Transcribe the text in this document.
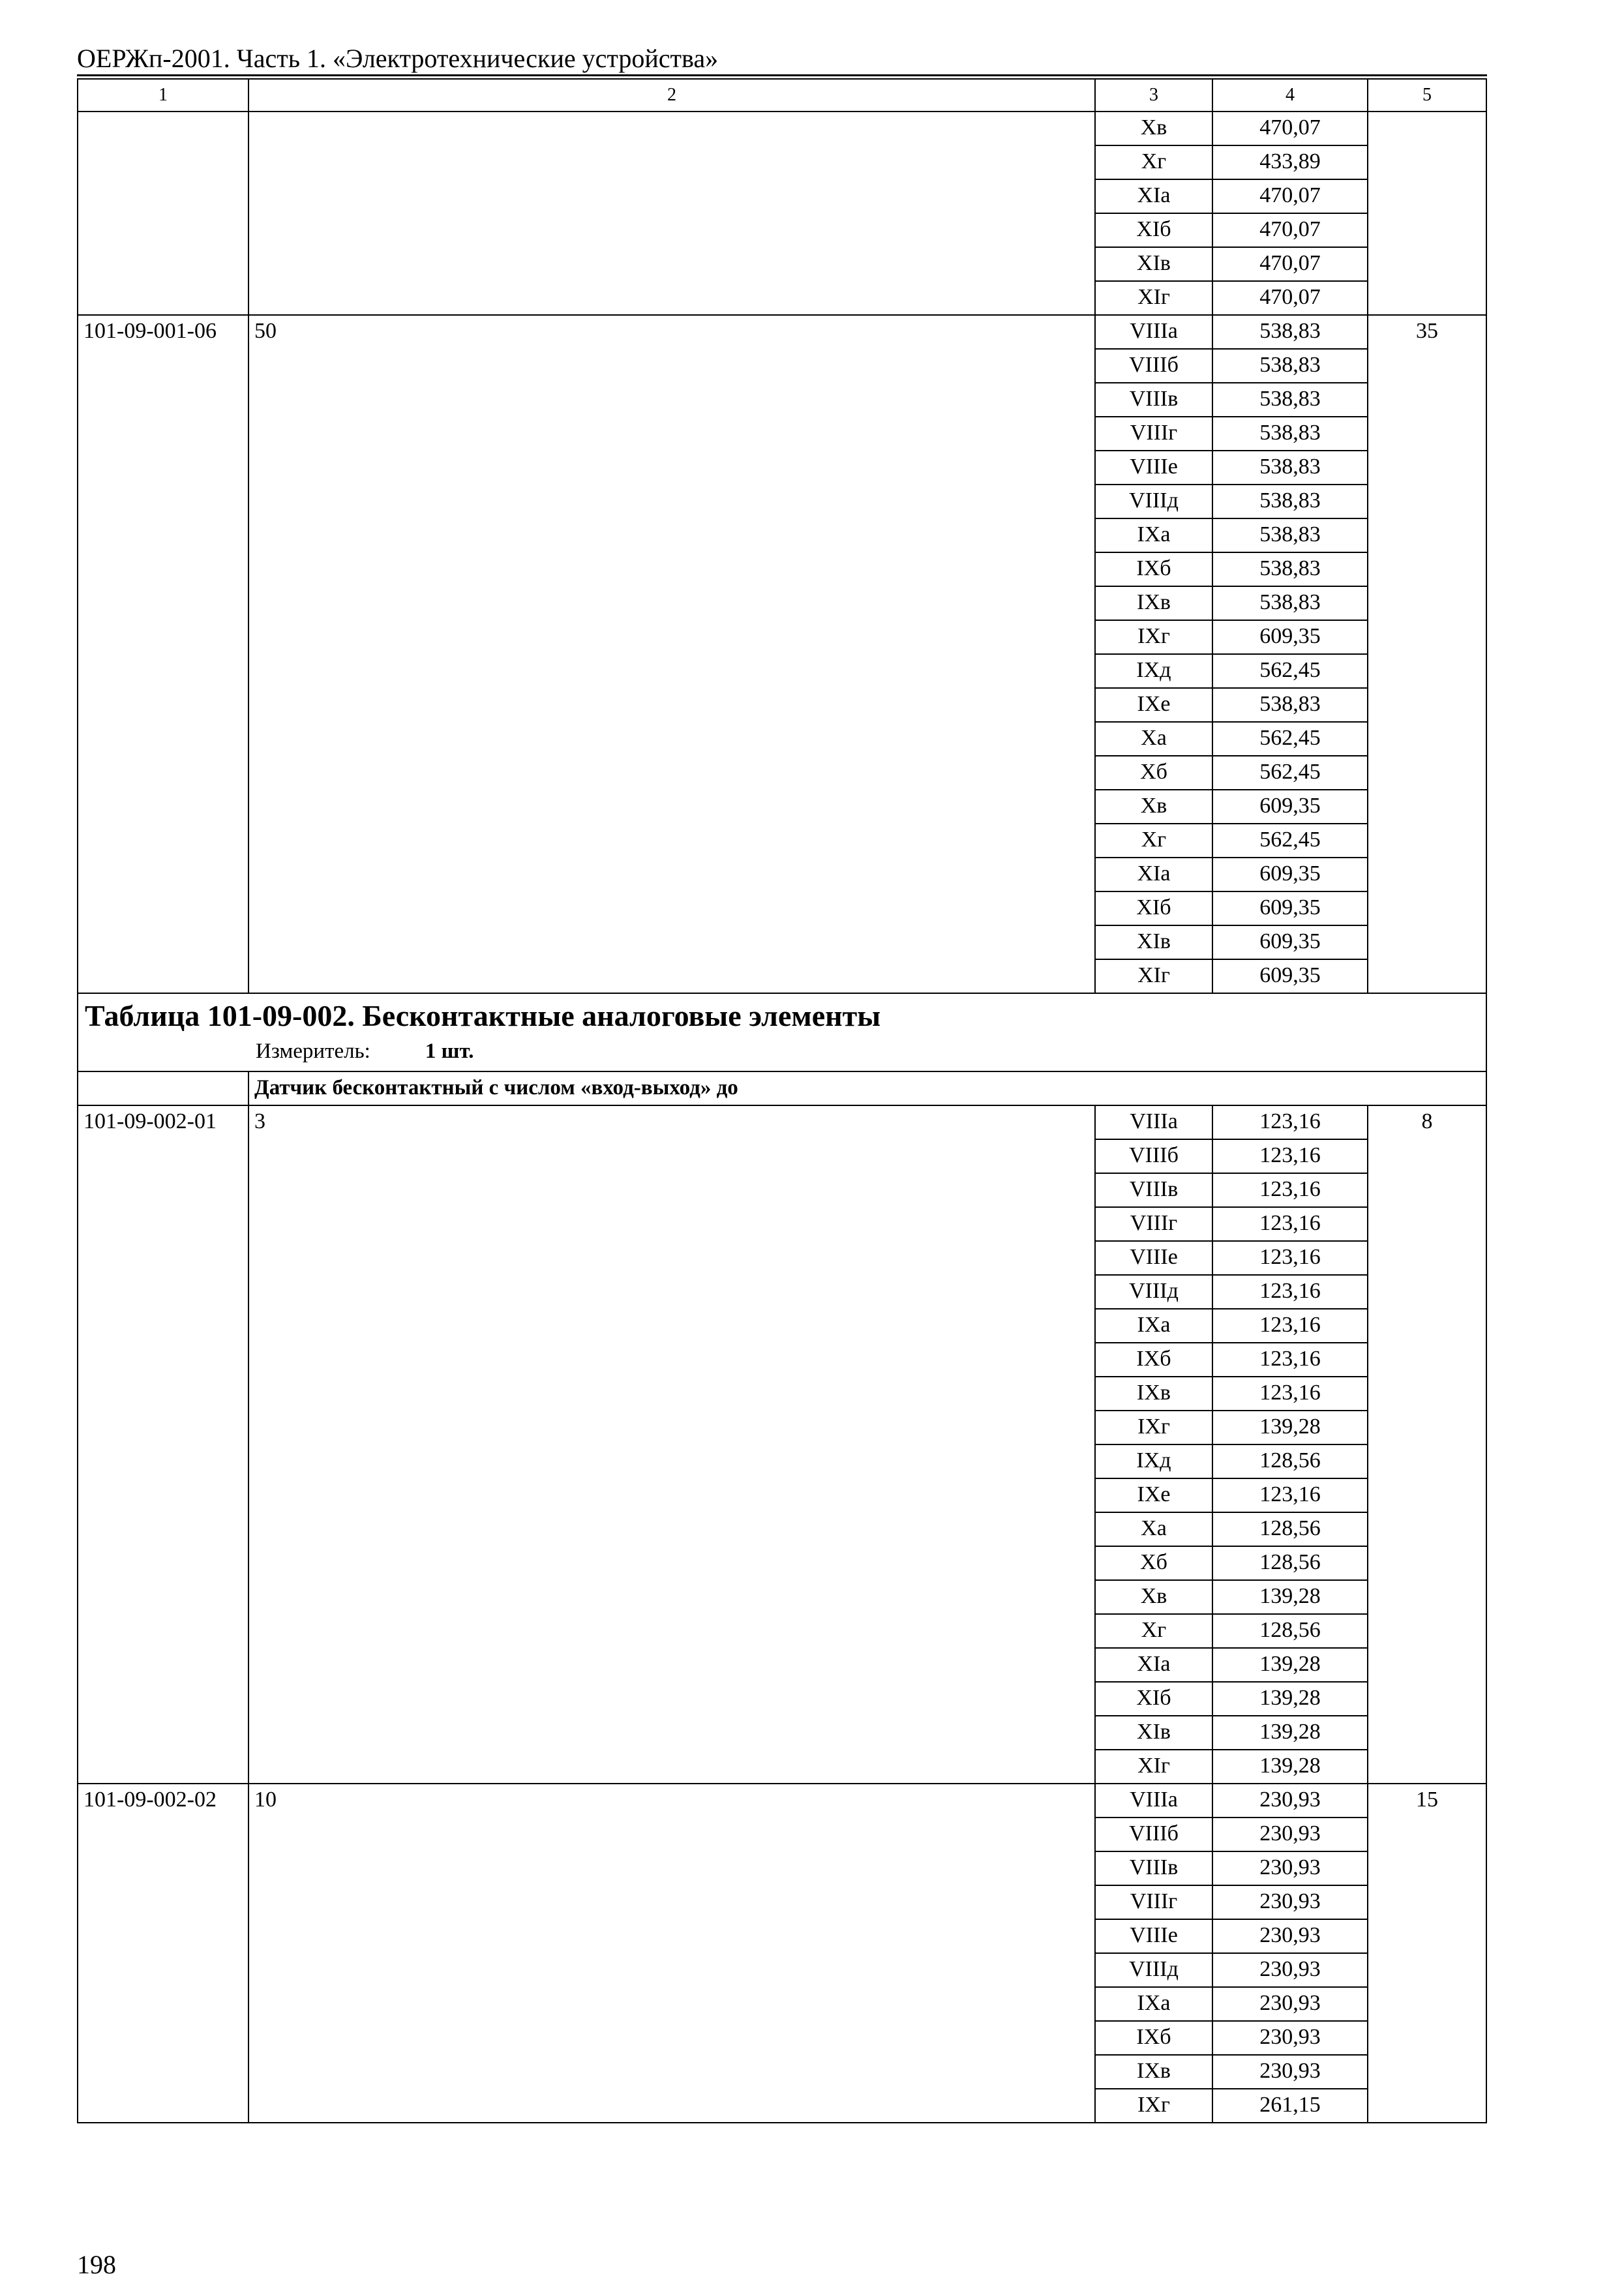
ОЕРЖп-2001. Часть 1. «Электротехнические устройства»
1	2	3	4	5
		Xв	470,07	
		Xг	433,89	
		XIа	470,07	
		XIб	470,07	
		XIв	470,07	
		XIг	470,07	
101-09-001-06	50	VIIIа	538,83	35
		VIIIб	538,83	
		VIIIв	538,83	
		VIIIг	538,83	
		VIIIе	538,83	
		VIIIд	538,83	
		IXа	538,83	
		IXб	538,83	
		IXв	538,83	
		IXг	609,35	
		IXд	562,45	
		IXе	538,83	
		Xа	562,45	
		Xб	562,45	
		Xв	609,35	
		Xг	562,45	
		XIа	609,35	
		XIб	609,35	
		XIв	609,35	
		XIг	609,35	

Таблица 101-09-002. Бесконтактные аналоговые элементы
Измеритель: 1 шт.				

	Датчик бесконтактный с числом «вход-выход» до			
101-09-002-01	3	VIIIа	123,16	8
		VIIIб	123,16	
		VIIIв	123,16	
		VIIIг	123,16	
		VIIIе	123,16	
		VIIIд	123,16	
		IXа	123,16	
		IXб	123,16	
		IXв	123,16	
		IXг	139,28	
		IXд	128,56	
		IXе	123,16	
		Xа	128,56	
		Xб	128,56	
		Xв	139,28	
		Xг	128,56	
		XIа	139,28	
		XIб	139,28	
		XIв	139,28	
		XIг	139,28	
101-09-002-02	10	VIIIа	230,93	15
		VIIIб	230,93	
		VIIIв	230,93	
		VIIIг	230,93	
		VIIIе	230,93	
		VIIIд	230,93	
		IXа	230,93	
		IXб	230,93	
		IXв	230,93	
		IXг	261,15	
198
